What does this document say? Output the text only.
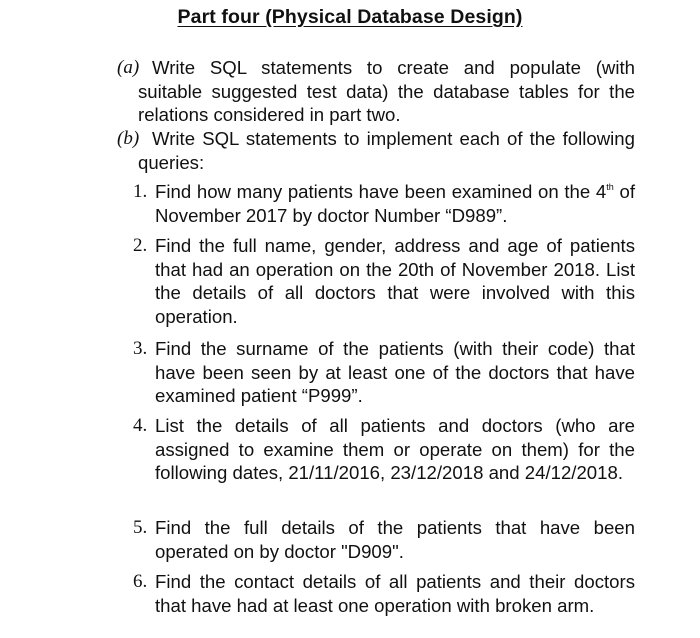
Part four (Physical Database Design)
(a) Write SQL statements to create and populate (with suitable suggested test data) the database tables for the relations considered in part two.
(b) Write SQL statements to implement each of the following queries:
1. Find how many patients have been examined on the 4th of November 2017 by doctor Number “D989”.
2. Find the full name, gender, address and age of patients that had an operation on the 20th of November 2018. List the details of all doctors that were involved with this operation.
3. Find the surname of the patients (with their code) that have been seen by at least one of the doctors that have examined patient “P999”.
4. List the details of all patients and doctors (who are assigned to examine them or operate on them) for the following dates, 21/11/2016, 23/12/2018 and 24/12/2018.
5. Find the full details of the patients that have been operated on by doctor "D909".
6. Find the contact details of all patients and their doctors that have had at least one operation with broken arm.
